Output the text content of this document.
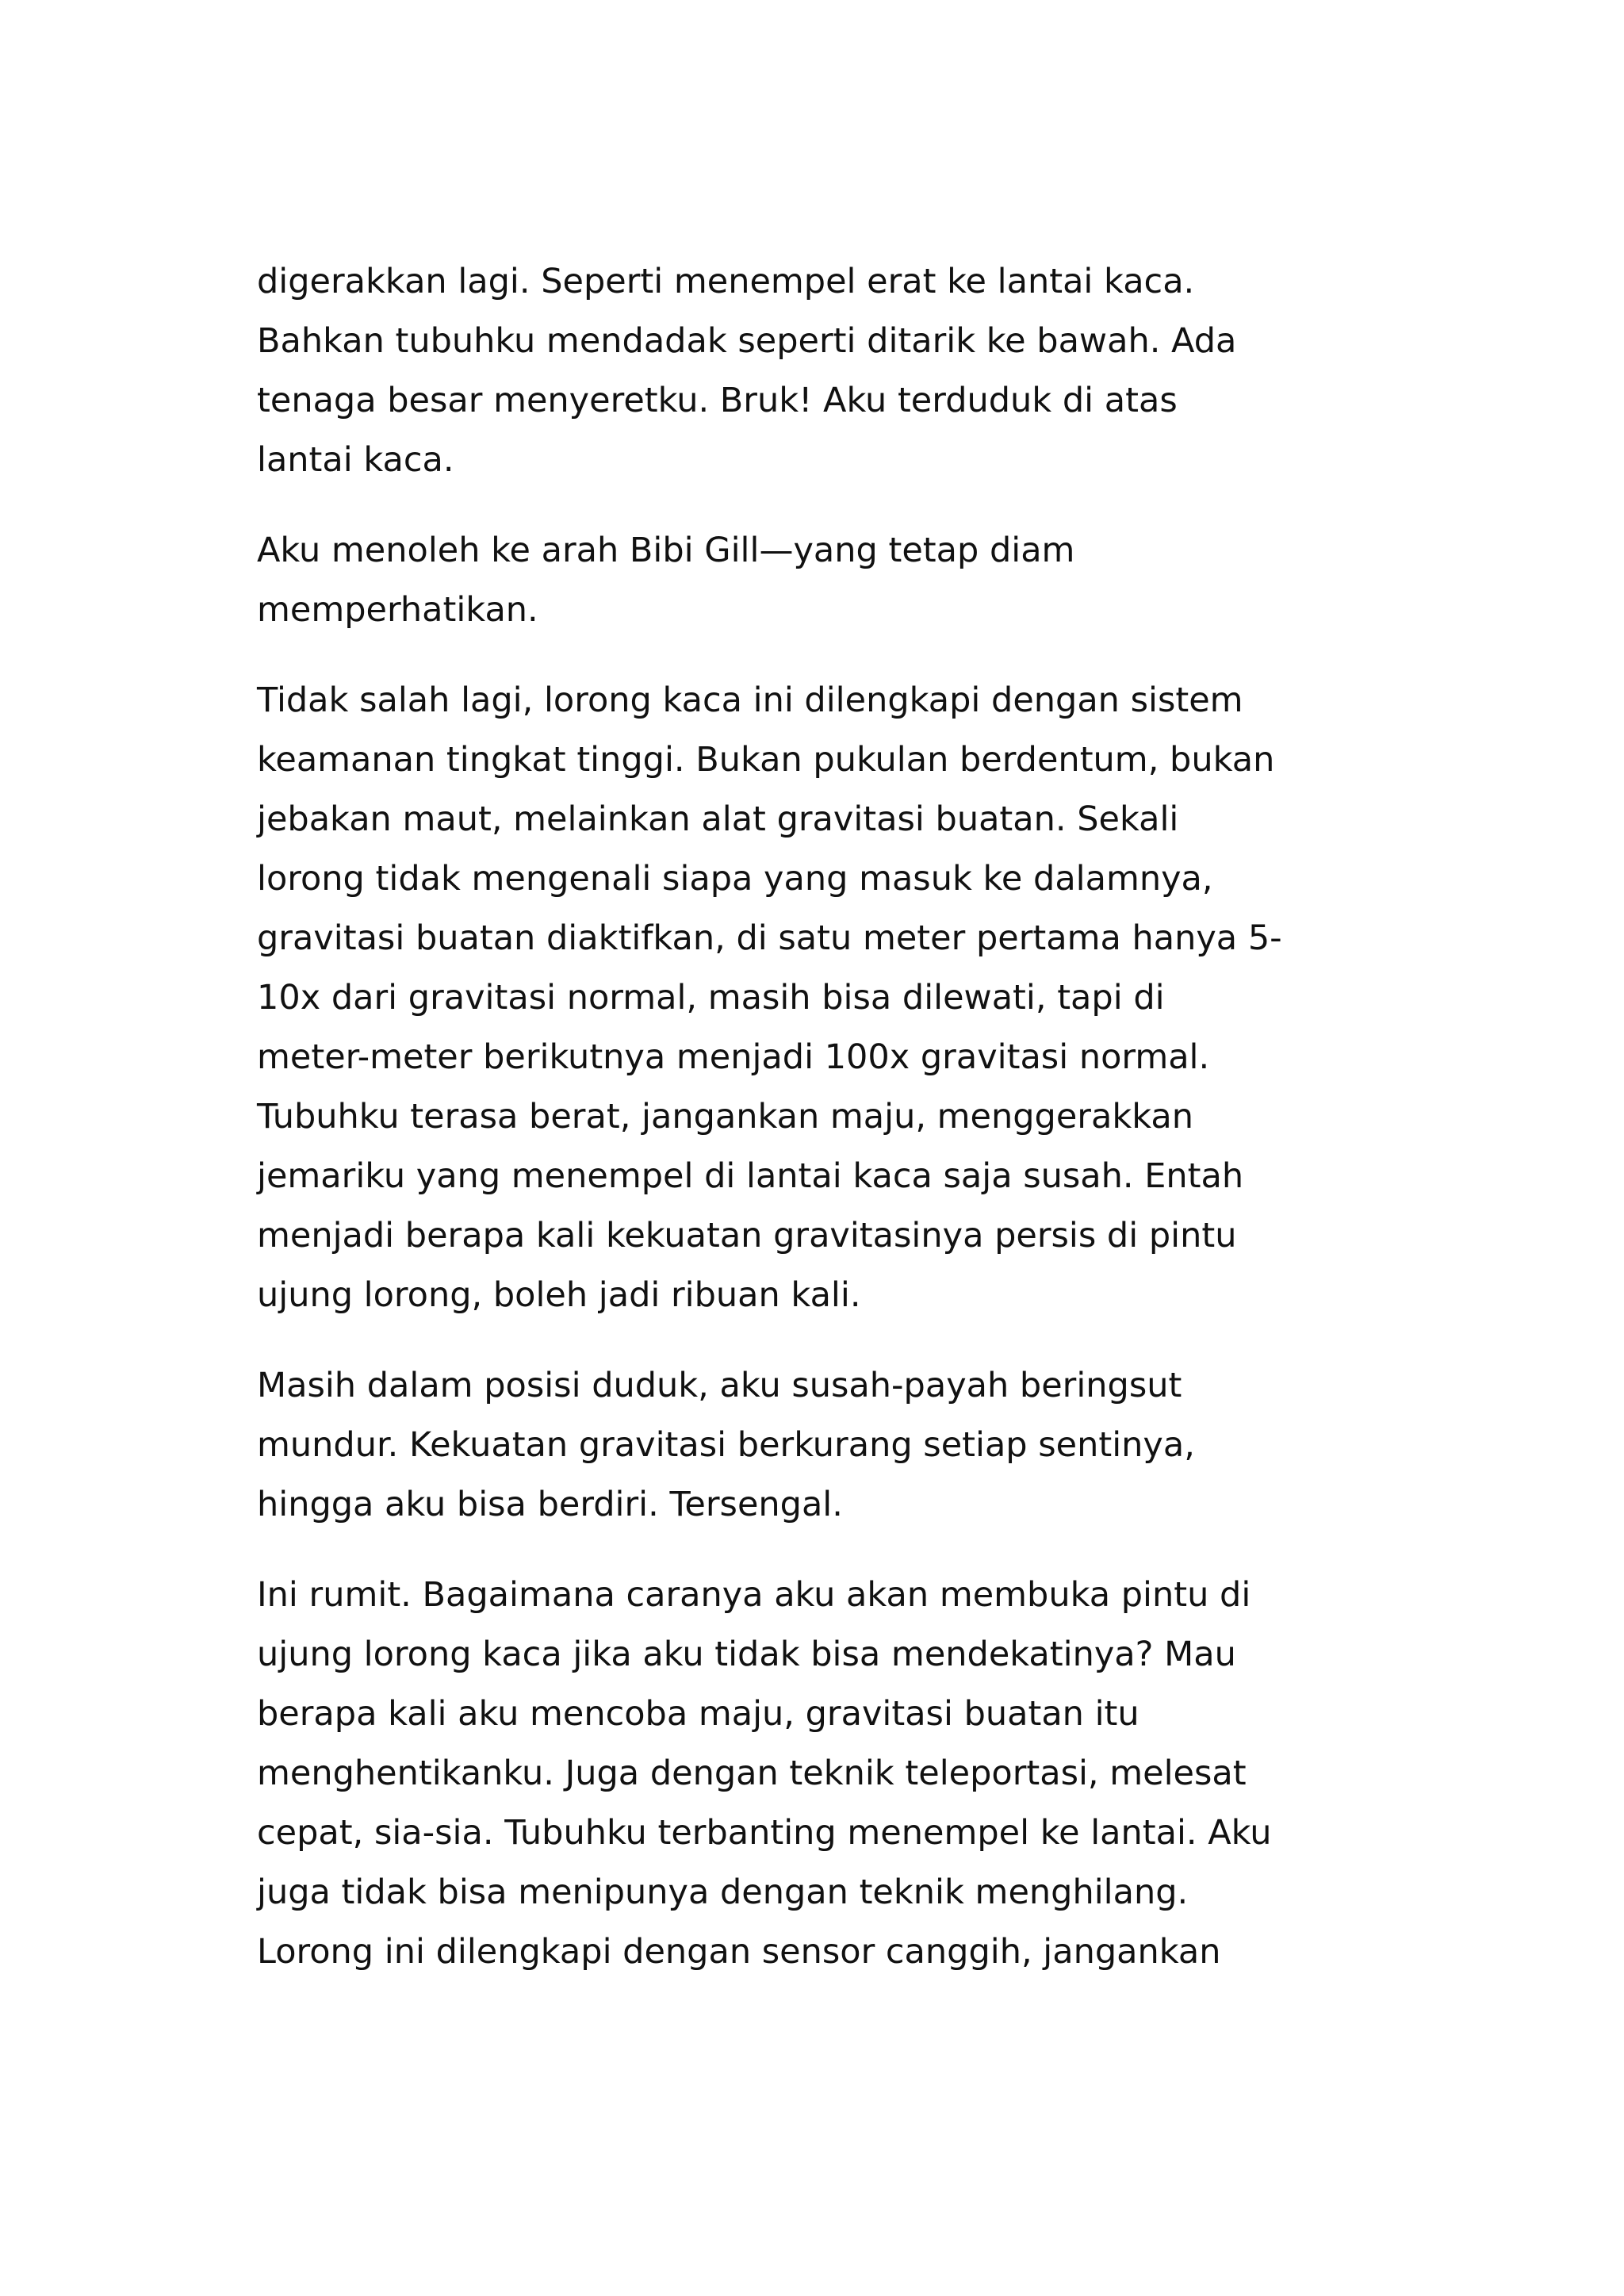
digerakkan lagi. Seperti menempel erat ke lantai kaca.
Bahkan tubuhku mendadak seperti ditarik ke bawah. Ada
tenaga besar menyeretku. Bruk! Aku terduduk di atas
lantai kaca.
Aku menoleh ke arah Bibi Gill—yang tetap diam
memperhatikan.
Tidak salah lagi, lorong kaca ini dilengkapi dengan sistem
keamanan tingkat tinggi. Bukan pukulan berdentum, bukan
jebakan maut, melainkan alat gravitasi buatan. Sekali
lorong tidak mengenali siapa yang masuk ke dalamnya,
gravitasi buatan diaktifkan, di satu meter pertama hanya 5-
10x dari gravitasi normal, masih bisa dilewati, tapi di
meter-meter berikutnya menjadi 100x gravitasi normal.
Tubuhku terasa berat, jangankan maju, menggerakkan
jemariku yang menempel di lantai kaca saja susah. Entah
menjadi berapa kali kekuatan gravitasinya persis di pintu
ujung lorong, boleh jadi ribuan kali.
Masih dalam posisi duduk, aku susah-payah beringsut
mundur. Kekuatan gravitasi berkurang setiap sentinya,
hingga aku bisa berdiri. Tersengal.
Ini rumit. Bagaimana caranya aku akan membuka pintu di
ujung lorong kaca jika aku tidak bisa mendekatinya? Mau
berapa kali aku mencoba maju, gravitasi buatan itu
menghentikanku. Juga dengan teknik teleportasi, melesat
cepat, sia-sia. Tubuhku terbanting menempel ke lantai. Aku
juga tidak bisa menipunya dengan teknik menghilang.
Lorong ini dilengkapi dengan sensor canggih, jangankan
